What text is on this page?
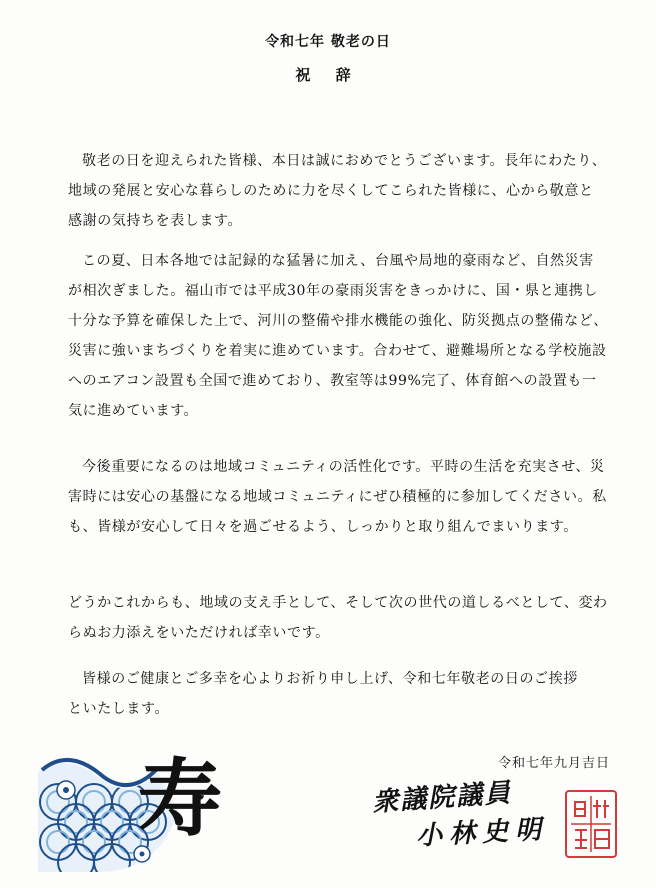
令和七年 敬老の日
祝 辞

敬老の日を迎えられた皆様、本日は誠におめでとうございます。長年にわたり、地域の発展と安心な暮らしのために力を尽くしてこられた皆様に、心から敬意と感謝の気持ちを表します。

この夏、日本各地では記録的な猛暑に加え、台風や局地的豪雨など、自然災害が相次ぎました。福山市では平成30年の豪雨災害をきっかけに、国・県と連携し十分な予算を確保した上で、河川の整備や排水機能の強化、防災拠点の整備など、災害に強いまちづくりを着実に進めています。合わせて、避難場所となる学校施設へのエアコン設置も全国で進めており、教室等は99%完了、体育館への設置も一気に進めています。

今後重要になるのは地域コミュニティの活性化です。平時の生活を充実させ、災害時には安心の基盤になる地域コミュニティにぜひ積極的に参加してください。私も、皆様が安心して日々を過ごせるよう、しっかりと取り組んでまいります。

どうかこれからも、地域の支え手として、そして次の世代の道しるべとして、変わらぬお力添えをいただければ幸いです。

皆様のご健康とご多幸を心よりお祈り申し上げ、令和七年敬老の日のご挨拶といたします。

寿	令和七年九月吉日
衆議院議員
小林史明
